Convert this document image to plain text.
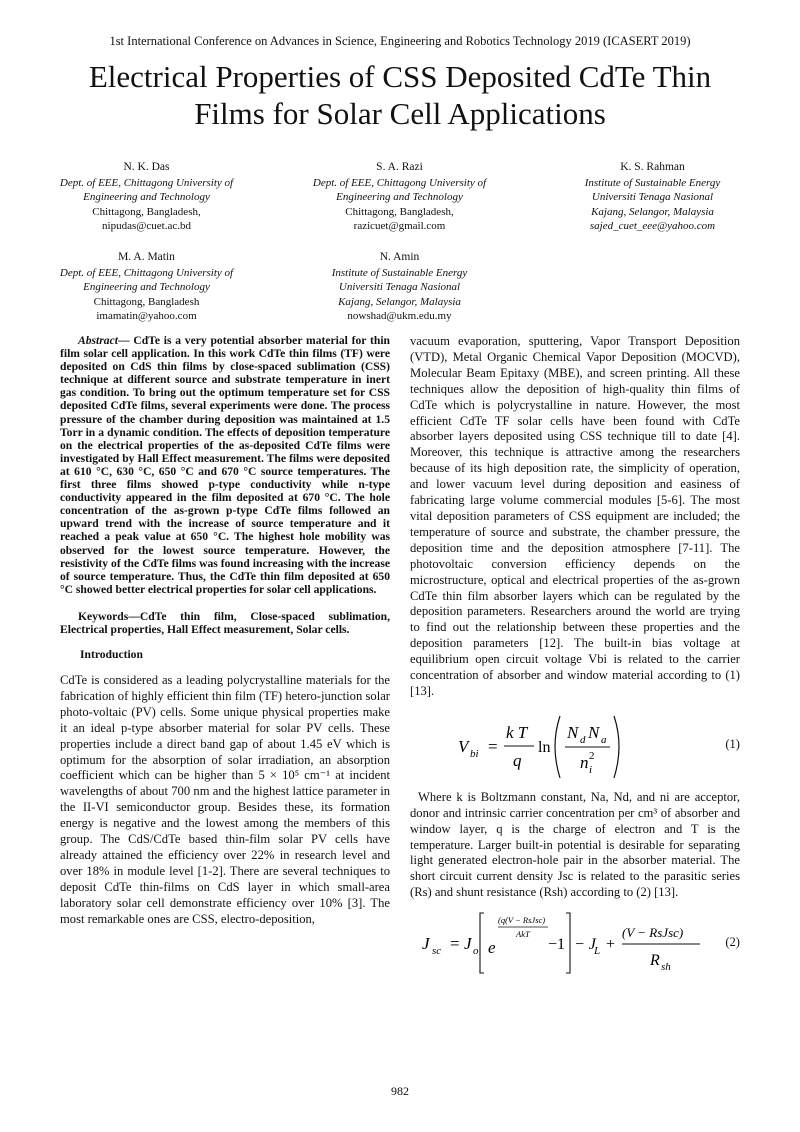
1st International Conference on Advances in Science, Engineering and Robotics Technology 2019 (ICASERT 2019)
Electrical Properties of CSS Deposited CdTe Thin
Films for Solar Cell Applications
N. K. Das
Dept. of EEE, Chittagong University of
Engineering and Technology
Chittagong, Bangladesh,
nipudas@cuet.ac.bd
S. A. Razi
Dept. of EEE, Chittagong University of
Engineering and Technology
Chittagong, Bangladesh,
razicuet@gmail.com
K. S. Rahman
Institute of Sustainable Energy
Universiti Tenaga Nasional
Kajang, Selangor, Malaysia
sajed_cuet_eee@yahoo.com
M. A. Matin
Dept. of EEE, Chittagong University of
Engineering and Technology
Chittagong, Bangladesh
imamatin@yahoo.com
N. Amin
Institute of Sustainable Energy
Universiti Tenaga Nasional
Kajang, Selangor, Malaysia
nowshad@ukm.edu.my

Abstract— CdTe is a very potential absorber material for thin film solar cell application. In this work CdTe thin films (TF) were deposited on CdS thin films by close-spaced sublimation (CSS) technique at different source and substrate temperature in inert gas condition. To bring out the optimum temperature set for CSS deposited CdTe films, several experiments were done. The process pressure of the chamber during deposition was maintained at 1.5 Torr in a dynamic condition. The effects of deposition temperature on the electrical properties of the as-deposited CdTe films were investigated by Hall Effect measurement. The films were deposited at 610 °C, 630 °C, 650 °C and 670 °C source temperatures. The first three films showed p-type conductivity while n-type conductivity appeared in the film deposited at 670 °C. The hole concentration of the as-grown p-type CdTe films followed an upward trend with the increase of source temperature and it reached a peak value at 650 °C. The highest hole mobility was observed for the lowest source temperature. However, the resistivity of the CdTe films was found increasing with the increase of source temperature. Thus, the CdTe thin film deposited at 650 °C showed better electrical properties for solar cell applications.

Keywords—CdTe thin film, Close-spaced sublimation, Electrical properties, Hall Effect measurement, Solar cells.

Introduction

CdTe is considered as a leading polycrystalline materials for the fabrication of highly efficient thin film (TF) hetero-junction solar photo-voltaic (PV) cells. Some unique physical properties make it an ideal p-type absorber material for solar PV cells. These properties include a direct band gap of about 1.45 eV which is optimum for the absorption of solar irradiation, an absorption coefficient which can be higher than 5 × 10⁵ cm⁻¹ at incident wavelengths of about 700 nm and the highest lattice parameter in the II-VI semiconductor group. Besides these, its formation energy is negative and the lowest among the members of this group. The CdS/CdTe based thin-film solar PV cells have already attained the efficiency over 22% in research level and over 18% in module level [1-2]. There are several techniques to deposit CdTe thin-films on CdS layer in which small-area laboratory solar cell demonstrate efficiency over 10% [3]. The most remarkable ones are CSS, electro-deposition,

vacuum evaporation, sputtering, Vapor Transport Deposition (VTD), Metal Organic Chemical Vapor Deposition (MOCVD), Molecular Beam Epitaxy (MBE), and screen printing. All these techniques allow the deposition of high-quality thin films of CdTe which is polycrystalline in nature. However, the most efficient CdTe TF solar cells have been found with CdTe absorber layers deposited using CSS technique till to date [4]. Moreover, this technique is attractive among the researchers because of its high deposition rate, the simplicity of operation, and lower vacuum level during deposition and easiness of fabricating large volume commercial modules [5-6]. The most vital deposition parameters of CSS equipment are included; the temperature of source and substrate, the chamber pressure, the deposition time and the deposition atmosphere [7-11]. The photovoltaic conversion efficiency depends on the microstructure, optical and electrical properties of the as-grown CdTe thin film absorber layers which can be regulated by the deposition parameters. Researchers around the world are trying to find out the relationship between these properties and the deposition parameters [12]. The built-in bias voltage at equilibrium open circuit voltage Vbi is related to the carrier concentration of absorber and window material according to (1) [13].

V bi =
k T
q
ln
N d N a
n i
2
(1)

Where k is Boltzmann constant, Na, Nd, and ni are acceptor, donor and intrinsic carrier concentration per cm³ of absorber and window layer, q is the charge of electron and T is the temperature. Larger built-in potential is desirable for separating light generated electron-hole pair in the absorber material. The short circuit current density Jsc is related to the parasitic series (Rs) and shunt resistance (Rsh) according to (2) [13].

J sc = J o e
(q(V − RsJsc)
AkT
−1 − J
L +
(V − RsJsc)
R sh
(2)
982
